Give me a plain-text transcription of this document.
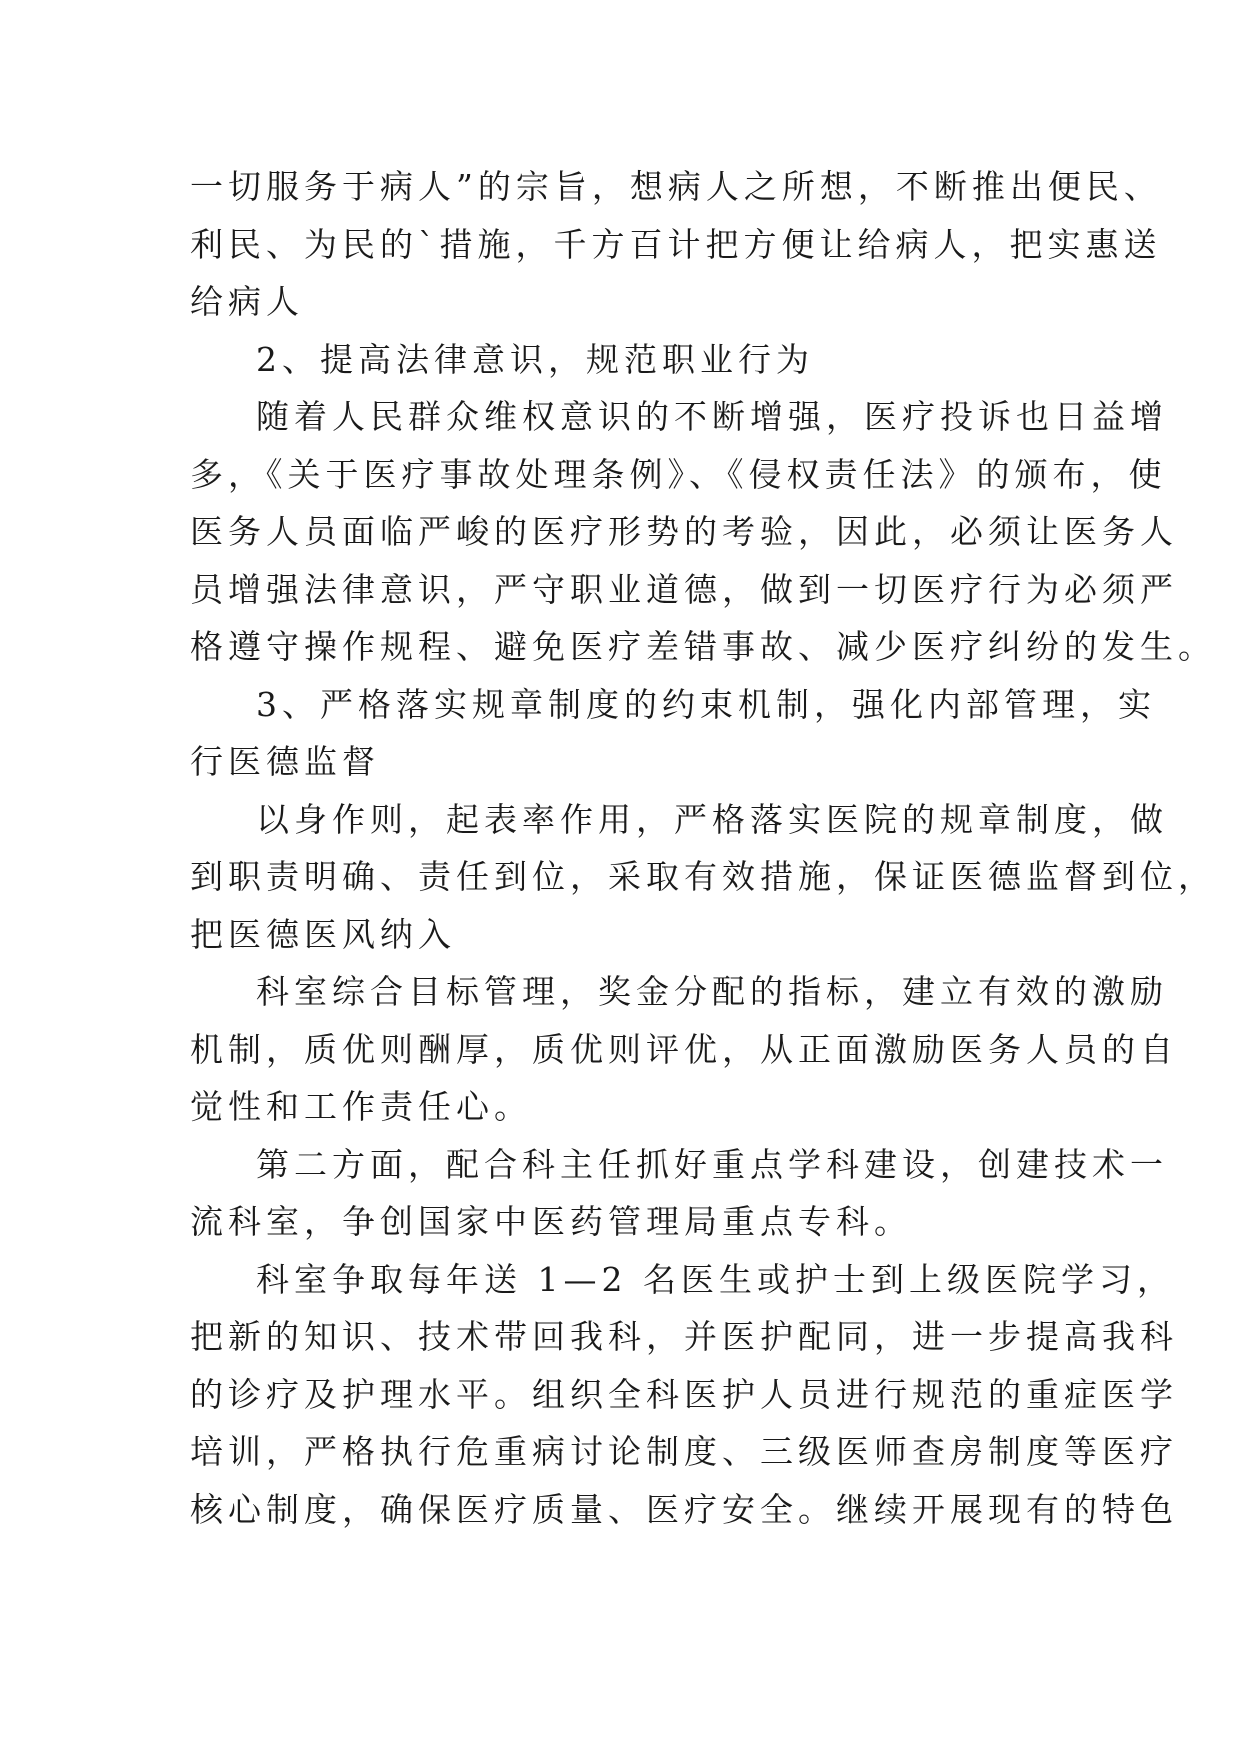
一切服务于病人”的宗旨，想病人之所想，不断推出便民、
利民、为民的`措施，千方百计把方便让给病人，把实惠送
给病人
2、提高法律意识，规范职业行为
随着人民群众维权意识的不断增强，医疗投诉也日益增
多，《关于医疗事故处理条例》、《侵权责任法》的颁布，使
医务人员面临严峻的医疗形势的考验，因此，必须让医务人
员增强法律意识，严守职业道德，做到一切医疗行为必须严
格遵守操作规程、避免医疗差错事故、减少医疗纠纷的发生。
3、严格落实规章制度的约束机制，强化内部管理，实
行医德监督
以身作则，起表率作用，严格落实医院的规章制度，做
到职责明确、责任到位，采取有效措施，保证医德监督到位，
把医德医风纳入
科室综合目标管理，奖金分配的指标，建立有效的激励
机制，质优则酬厚，质优则评优，从正面激励医务人员的自
觉性和工作责任心。
第二方面，配合科主任抓好重点学科建设，创建技术一
流科室，争创国家中医药管理局重点专科。
科室争取每年送 1—2 名医生或护士到上级医院学习，
把新的知识、技术带回我科，并医护配同，进一步提高我科
的诊疗及护理水平。组织全科医护人员进行规范的重症医学
培训，严格执行危重病讨论制度、三级医师查房制度等医疗
核心制度，确保医疗质量、医疗安全。继续开展现有的特色
